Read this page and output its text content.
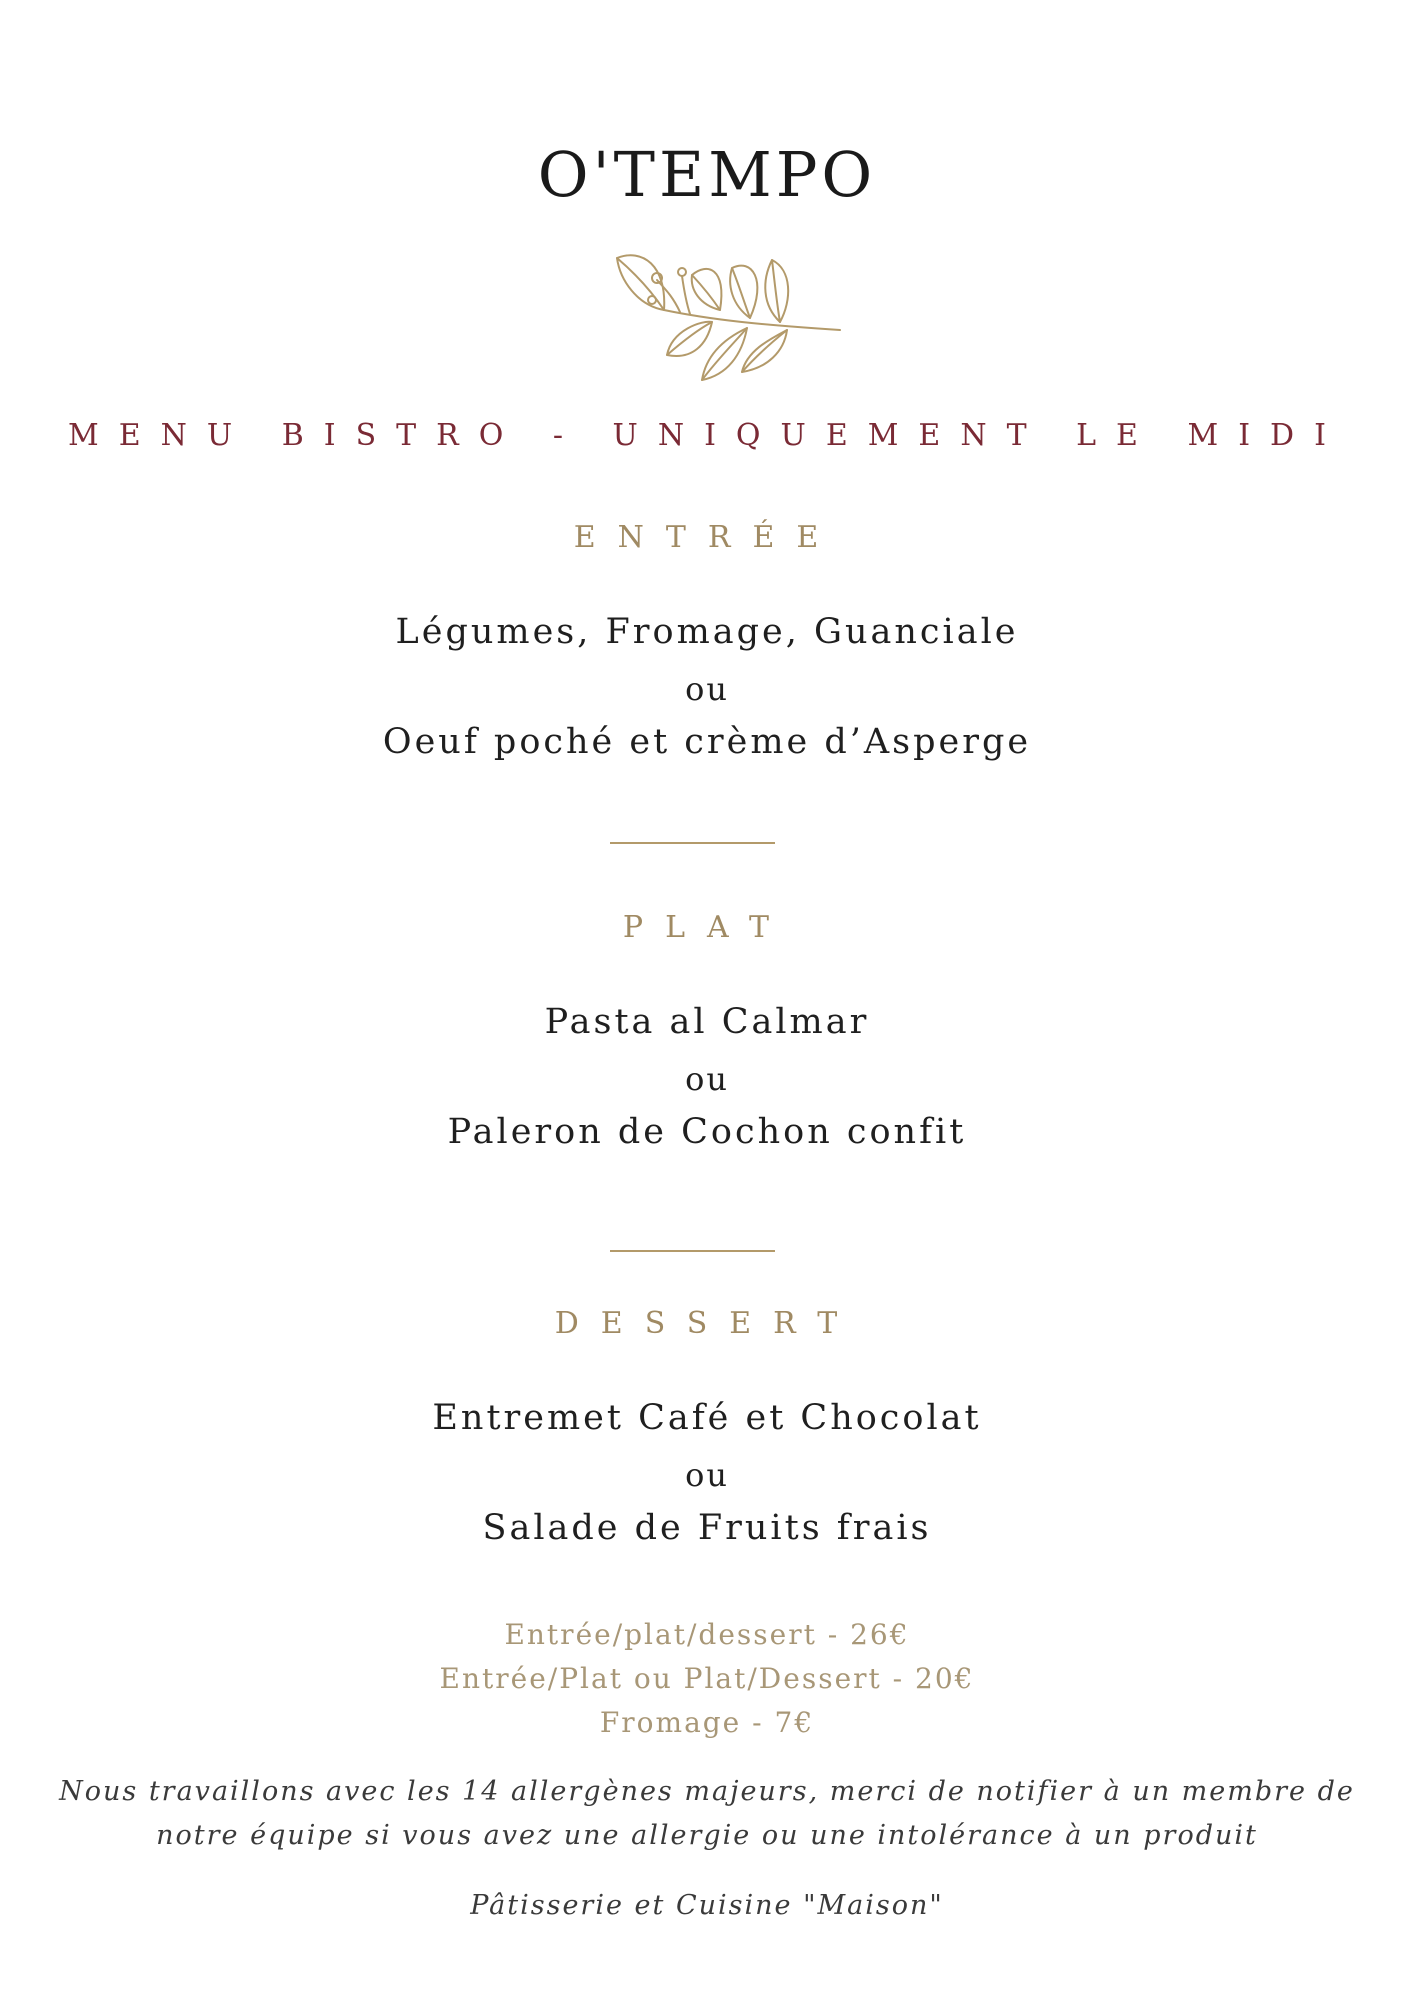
O'TEMPO
MENU BISTRO - UNIQUEMENT LE MIDI
ENTRÉE
Légumes, Fromage, Guanciale
ou
Oeuf poché et crème d’Asperge
PLAT
Pasta al Calmar
ou
Paleron de Cochon confit
DESSERT
Entremet Café et Chocolat
ou
Salade de Fruits frais
Entrée/plat/dessert - 26€
Entrée/Plat ou Plat/Dessert - 20€
Fromage - 7€
Nous travaillons avec les 14 allergènes majeurs, merci de notifier à un membre de
notre équipe si vous avez une allergie ou une intolérance à un produit
Pâtisserie et Cuisine "Maison"
